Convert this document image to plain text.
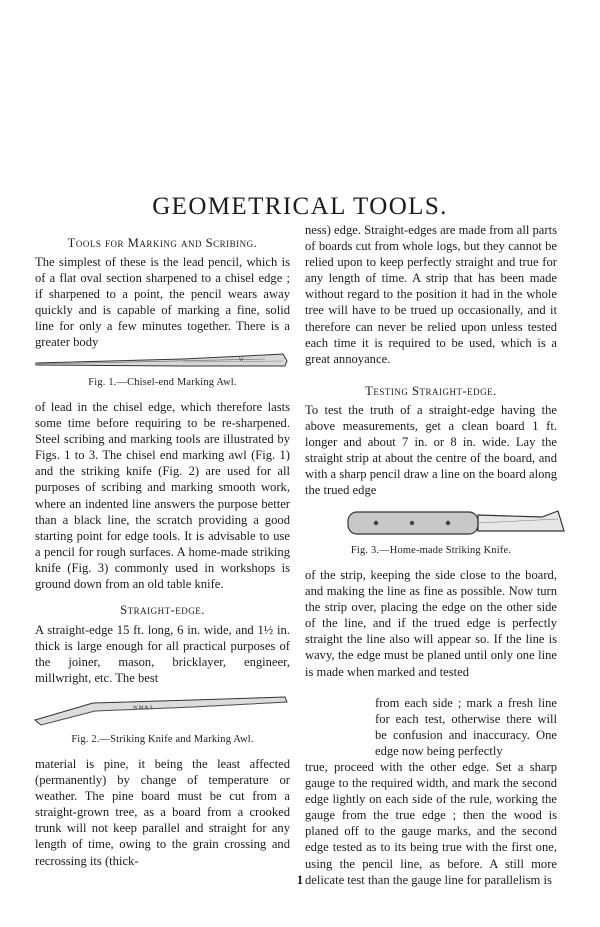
GEOMETRICAL TOOLS.
Tools for Marking and Scribing.

The simplest of these is the lead pencil, which is of a flat oval section sharpened to a chisel edge ; if sharpened to a point, the pencil wears away quickly and is capable of marking a fine, solid line for only a few minutes together. There is a greater body

W
Fig. 1.—Chisel-end Marking Awl.

of lead in the chisel edge, which therefore lasts some time before requiring to be re-sharpened. Steel scribing and marking tools are illustrated by Figs. 1 to 3. The chisel end marking awl (Fig. 1) and the striking knife (Fig. 2) are used for all purposes of scribing and marking smooth work, where an indented line answers the purpose better than a black line, the scratch providing a good starting point for edge tools. It is advisable to use a pencil for rough surfaces. A home-made striking knife (Fig. 3) commonly used in workshops is ground down from an old table knife.

Straight-edge.

A straight-edge 15 ft. long, 6 in. wide, and 1½ in. thick is large enough for all practical purposes of the joiner, mason, bricklayer, engineer, millwright, etc. The best

W M & S
Fig. 2.—Striking Knife and Marking Awl.

material is pine, it being the least affected (permanently) by change of temperature or weather. The pine board must be cut from a straight-grown tree, as a board from a crooked trunk will not keep parallel and straight for any length of time, owing to the grain crossing and recrossing its (thick-

ness) edge. Straight-edges are made from all parts of boards cut from whole logs, but they cannot be relied upon to keep perfectly straight and true for any length of time. A strip that has been made without regard to the position it had in the whole tree will have to be trued up occasionally, and it therefore can never be relied upon unless tested each time it is required to be used, which is a great annoyance.

Testing Straight-edge.

To test the truth of a straight-edge having the above measurements, get a clean board 1 ft. longer and about 7 in. or 8 in. wide. Lay the straight strip at about the centre of the board, and with a sharp pencil draw a line on the board along the trued edge

Fig. 3.—Home-made Striking Knife.

of the strip, keeping the side close to the board, and making the line as fine as possible. Now turn the strip over, placing the edge on the other side of the line, and if the trued edge is perfectly straight the line also will appear so. If the line is wavy, the edge must be planed until only one line is made when marked and tested

from each side ; mark a fresh line for each test, otherwise there will be confusion and inaccuracy. One edge now being perfectly

true, proceed with the other edge. Set a sharp gauge to the required width, and mark the second edge lightly on each side of the rule, working the gauge from the true edge ; then the wood is planed off to the gauge marks, and the second edge tested as to its being true with the first one, using the pencil line, as before. A still more delicate test than the gauge line for parallelism is

1
